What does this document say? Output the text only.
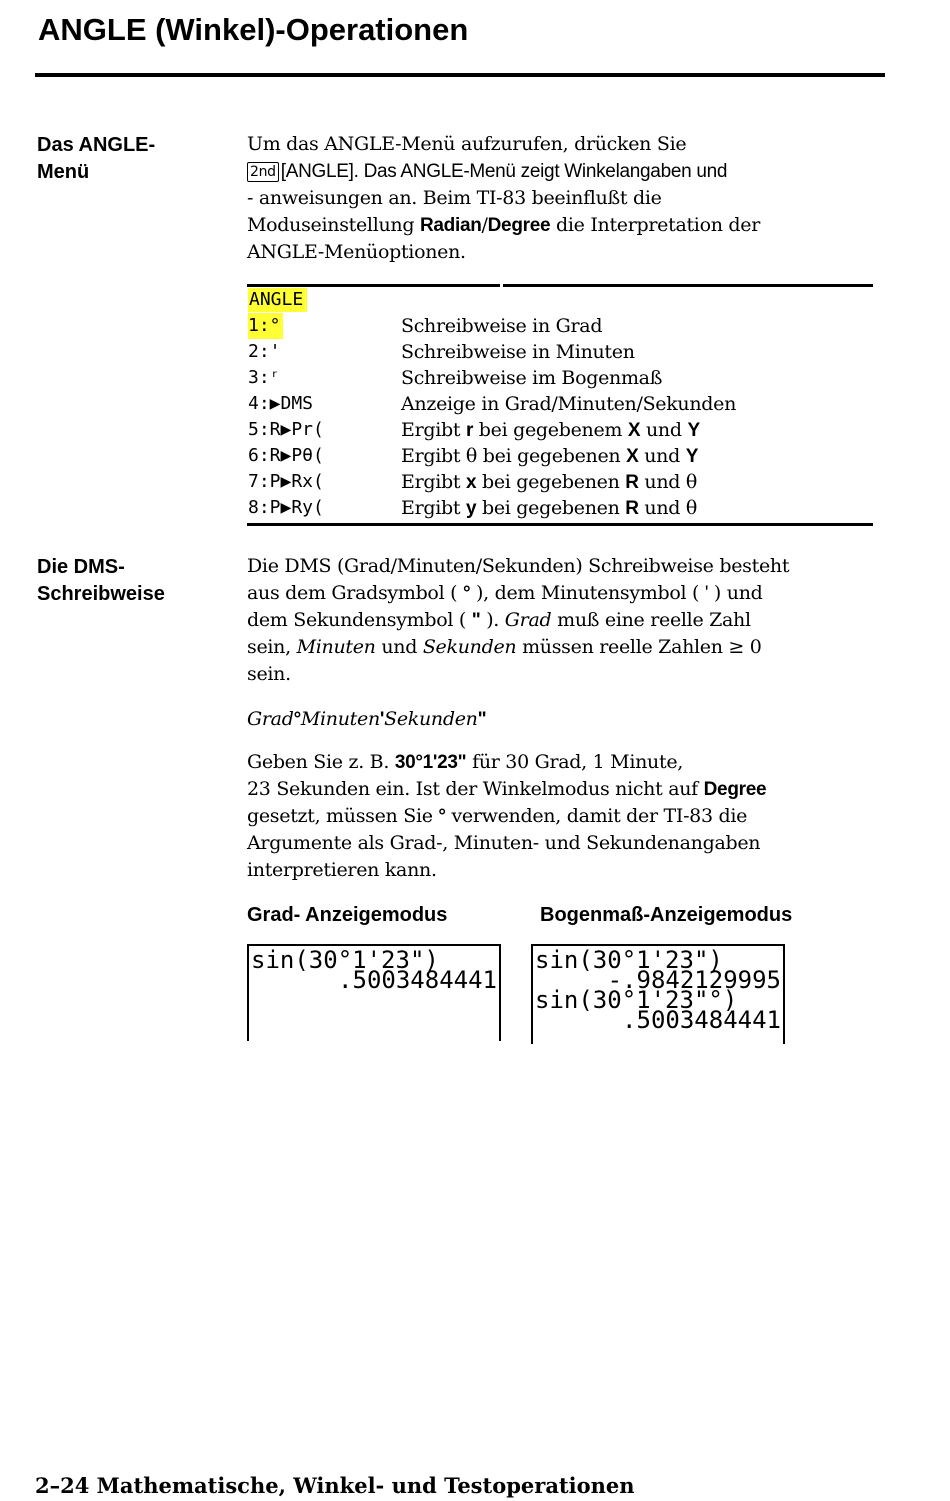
ANGLE (Winkel)-Operationen
Das ANGLE-
Menü
Um das ANGLE-Menü aufzurufen, drücken Sie
2nd [ANGLE]. Das ANGLE-Menü zeigt Winkelangaben und
- anweisungen an. Beim TI-83 beeinflußt die
Moduseinstellung Radian/Degree die Interpretation der
ANGLE-Menüoptionen.
ANGLE
1:°	Schreibweise in Grad
2:'	Schreibweise in Minuten
3:ʳ	Schreibweise im Bogenmaß
4:▶DMS	Anzeige in Grad/Minuten/Sekunden
5:R▶Pr(	Ergibt r bei gegebenem X und Y
6:R▶Pθ(	Ergibt θ bei gegebenen X und Y
7:P▶Rx(	Ergibt x bei gegebenen R und θ
8:P▶Ry(	Ergibt y bei gegebenen R und θ
Die DMS-
Schreibweise
Die DMS (Grad/Minuten/Sekunden) Schreibweise besteht
aus dem Gradsymbol ( ° ), dem Minutensymbol ( ' ) und
dem Sekundensymbol ( " ). Grad muß eine reelle Zahl
sein, Minuten und Sekunden müssen reelle Zahlen ≥ 0
sein.
Grad°Minuten'Sekunden"
Geben Sie z. B. 30°1'23" für 30 Grad, 1 Minute,
23 Sekunden ein. Ist der Winkelmodus nicht auf Degree
gesetzt, müssen Sie ° verwenden, damit der TI-83 die
Argumente als Grad-, Minuten- und Sekundenangaben
interpretieren kann.
Grad- Anzeigemodus	Bogenmaß-Anzeigemodus
sin(30°1'23")
.5003484441
sin(30°1'23")
-.9842129995
sin(30°1'23"°)
.5003484441
2–24 Mathematische, Winkel- und Testoperationen
